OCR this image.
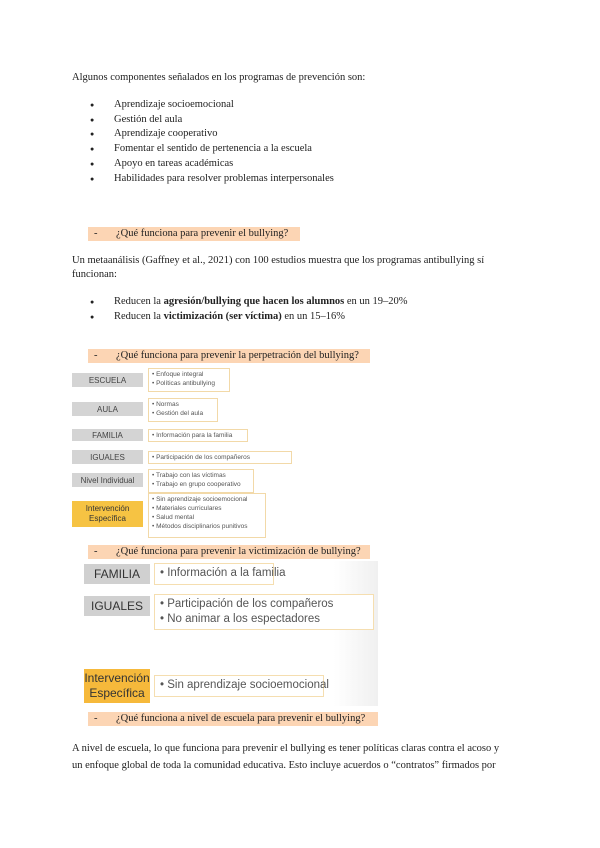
Algunos componentes señalados en los programas de prevención son:
● Aprendizaje socioemocional
● Gestión del aula
● Aprendizaje cooperativo
● Fomentar el sentido de pertenencia a la escuela
● Apoyo en tareas académicas
● Habilidades para resolver problemas interpersonales
- ¿Qué funciona para prevenir el bullying?
Un metaanálisis (Gaffney et al., 2021) con 100 estudios muestra que los programas antibullying sí
funcionan:
● Reducen la agresión/bullying que hacen los alumnos en un 19–20%
● Reducen la victimización (ser víctima) en un 15–16%
- ¿Qué funciona para prevenir la perpetración del bullying?
ESCUELA
• Enfoque integral
• Políticas antibullying
AULA	• Normas
• Gestión del aula
FAMILIA	• Información para la familia
IGUALES	• Participación de los compañeros
Nivel Individual	• Trabajo con las víctimas
• Trabajo en grupo cooperativo
Intervención Específica
• Sin aprendizaje socioemocional
• Materiales curriculares
• Salud mental
• Métodos disciplinarios punitivos
- ¿Qué funciona para prevenir la victimización de bullying?
FAMILIA	• Información a la familia
IGUALES	• Participación de los compañeros
• No animar a los espectadores
Intervención Específica
• Sin aprendizaje socioemocional
- ¿Qué funciona a nivel de escuela para prevenir el bullying?
A nivel de escuela, lo que funciona para prevenir el bullying es tener políticas claras contra el acoso y
un enfoque global de toda la comunidad educativa. Esto incluye acuerdos o “contratos” firmados por
